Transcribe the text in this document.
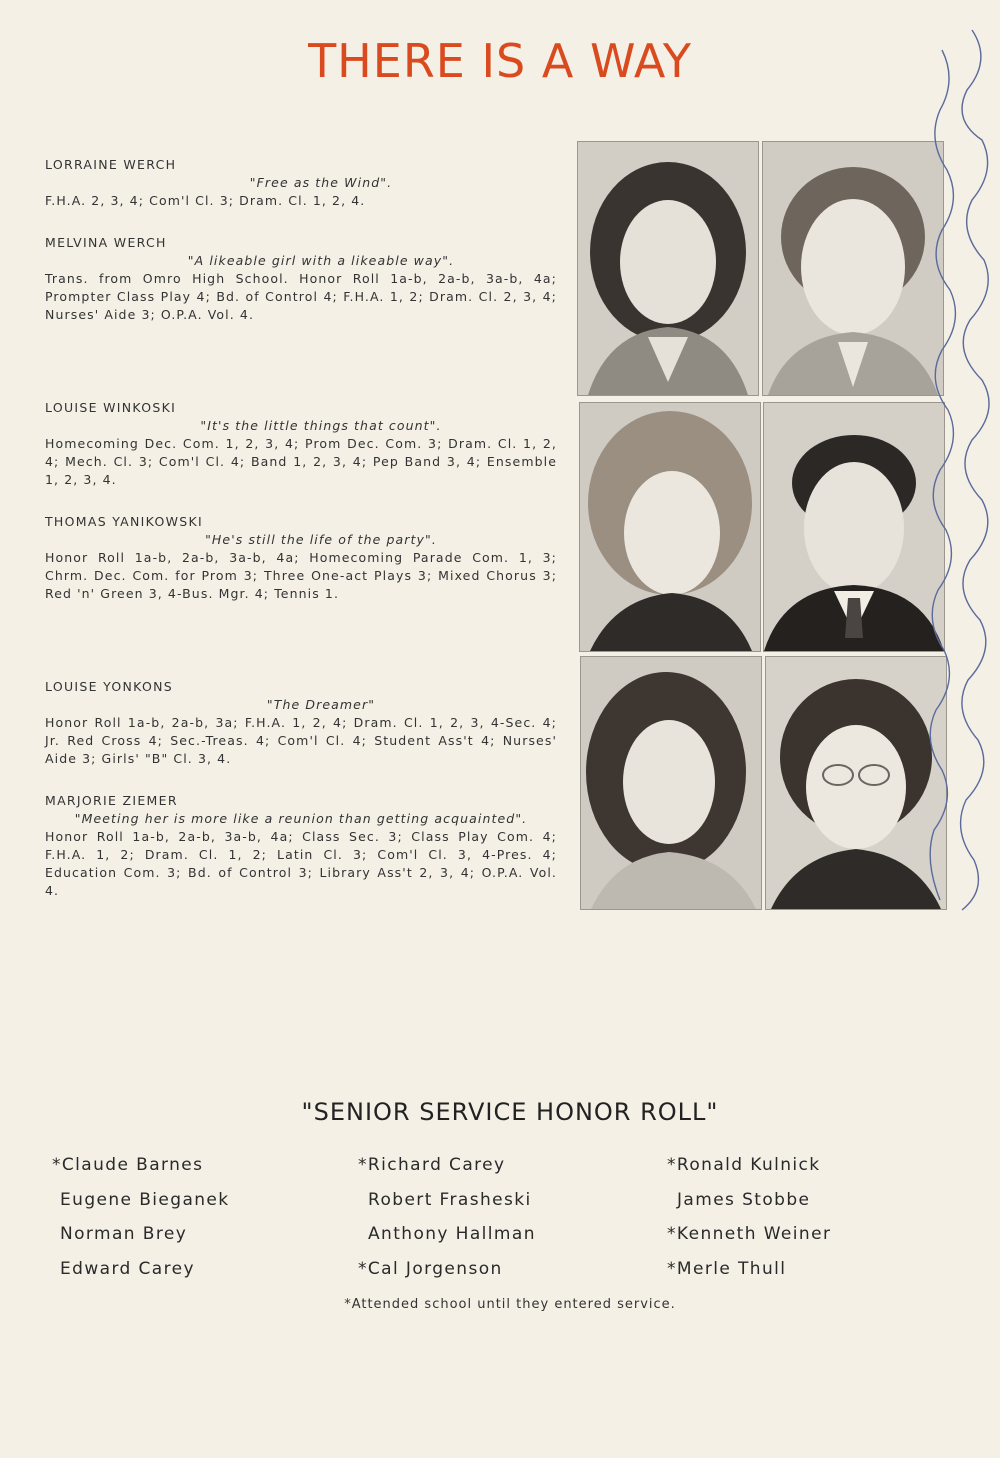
THERE IS A WAY
LORRAINE WERCH
"Free as the Wind".
F.H.A. 2, 3, 4; Com'l Cl. 3; Dram. Cl. 1, 2, 4.
MELVINA WERCH
"A likeable girl with a likeable way".
Trans. from Omro High School. Honor Roll 1a-b, 2a-b, 3a-b, 4a; Prompter Class Play 4; Bd. of Control 4; F.H.A. 1, 2; Dram. Cl. 2, 3, 4; Nurses' Aide 3; O.P.A. Vol. 4.
LOUISE WINKOSKI
"It's the little things that count".
Homecoming Dec. Com. 1, 2, 3, 4; Prom Dec. Com. 3; Dram. Cl. 1, 2, 4; Mech. Cl. 3; Com'l Cl. 4; Band 1, 2, 3, 4; Pep Band 3, 4; Ensemble 1, 2, 3, 4.
THOMAS YANIKOWSKI
"He's still the life of the party".
Honor Roll 1a-b, 2a-b, 3a-b, 4a; Homecoming Parade Com. 1, 3; Chrm. Dec. Com. for Prom 3; Three One-act Plays 3; Mixed Chorus 3; Red 'n' Green 3, 4-Bus. Mgr. 4; Tennis 1.
LOUISE YONKONS
"The Dreamer"
Honor Roll 1a-b, 2a-b, 3a; F.H.A. 1, 2, 4; Dram. Cl. 1, 2, 3, 4-Sec. 4; Jr. Red Cross 4; Sec.-Treas. 4; Com'l Cl. 4; Student Ass't 4; Nurses' Aide 3; Girls' "B" Cl. 3, 4.
MARJORIE ZIEMER
"Meeting her is more like a reunion than getting acquainted".
Honor Roll 1a-b, 2a-b, 3a-b, 4a; Class Sec. 3; Class Play Com. 4; F.H.A. 1, 2; Dram. Cl. 1, 2; Latin Cl. 3; Com'l Cl. 3, 4-Pres. 4; Education Com. 3; Bd. of Control 3; Library Ass't 2, 3, 4; O.P.A. Vol. 4.
"SENIOR SERVICE HONOR ROLL"
*Claude Barnes
Eugene Bieganek
Norman Brey
Edward Carey
*Richard Carey
Robert Frasheski
Anthony Hallman
*Cal Jorgenson
*Ronald Kulnick
James Stobbe
*Kenneth Weiner
*Merle Thull
*Attended school until they entered service.
